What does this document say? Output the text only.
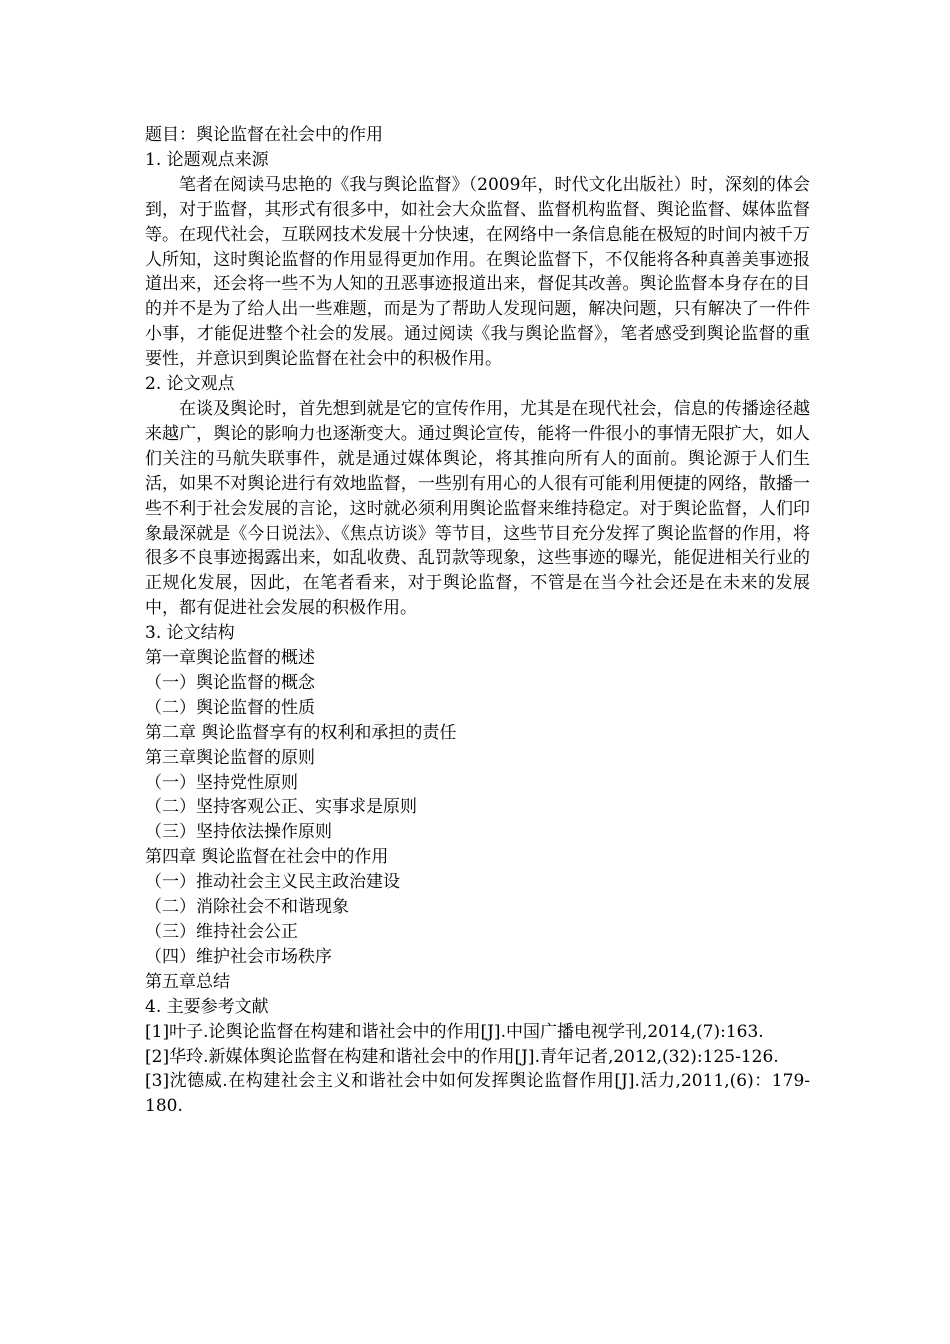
题目：舆论监督在社会中的作用

1. 论题观点来源

笔者在阅读马忠艳的《我与舆论监督》（2009年，时代文化出版社）时，深刻的体会到，对于监督，其形式有很多中，如社会大众监督、监督机构监督、舆论监督、媒体监督等。在现代社会，互联网技术发展十分快速，在网络中一条信息能在极短的时间内被千万人所知，这时舆论监督的作用显得更加作用。在舆论监督下，不仅能将各种真善美事迹报道出来，还会将一些不为人知的丑恶事迹报道出来，督促其改善。舆论监督本身存在的目的并不是为了给人出一些难题，而是为了帮助人发现问题，解决问题，只有解决了一件件小事，才能促进整个社会的发展。通过阅读《我与舆论监督》，笔者感受到舆论监督的重要性，并意识到舆论监督在社会中的积极作用。

2. 论文观点

在谈及舆论时，首先想到就是它的宣传作用，尤其是在现代社会，信息的传播途径越来越广，舆论的影响力也逐渐变大。通过舆论宣传，能将一件很小的事情无限扩大，如人们关注的马航失联事件，就是通过媒体舆论，将其推向所有人的面前。舆论源于人们生活，如果不对舆论进行有效地监督，一些别有用心的人很有可能利用便捷的网络，散播一些不利于社会发展的言论，这时就必须利用舆论监督来维持稳定。对于舆论监督，人们印象最深就是《今日说法》、《焦点访谈》等节目，这些节目充分发挥了舆论监督的作用，将很多不良事迹揭露出来，如乱收费、乱罚款等现象，这些事迹的曝光，能促进相关行业的正规化发展，因此，在笔者看来，对于舆论监督，不管是在当今社会还是在未来的发展中，都有促进社会发展的积极作用。

3. 论文结构

第一章舆论监督的概述

（一）舆论监督的概念

（二）舆论监督的性质

第二章 舆论监督享有的权利和承担的责任

第三章舆论监督的原则

（一）坚持党性原则

（二）坚持客观公正、实事求是原则

（三）坚持依法操作原则

第四章 舆论监督在社会中的作用

（一）推动社会主义民主政治建设

（二）消除社会不和谐现象

（三）维持社会公正

（四）维护社会市场秩序

第五章总结

4. 主要参考文献

[1]叶子.论舆论监督在构建和谐社会中的作用[J].中国广播电视学刊,2014,(7):163.

[2]华玲.新媒体舆论监督在构建和谐社会中的作用[J].青年记者,2012,(32):125-126.

[3]沈德威.在构建社会主义和谐社会中如何发挥舆论监督作用[J].活力,2011,(6)：179-180.
